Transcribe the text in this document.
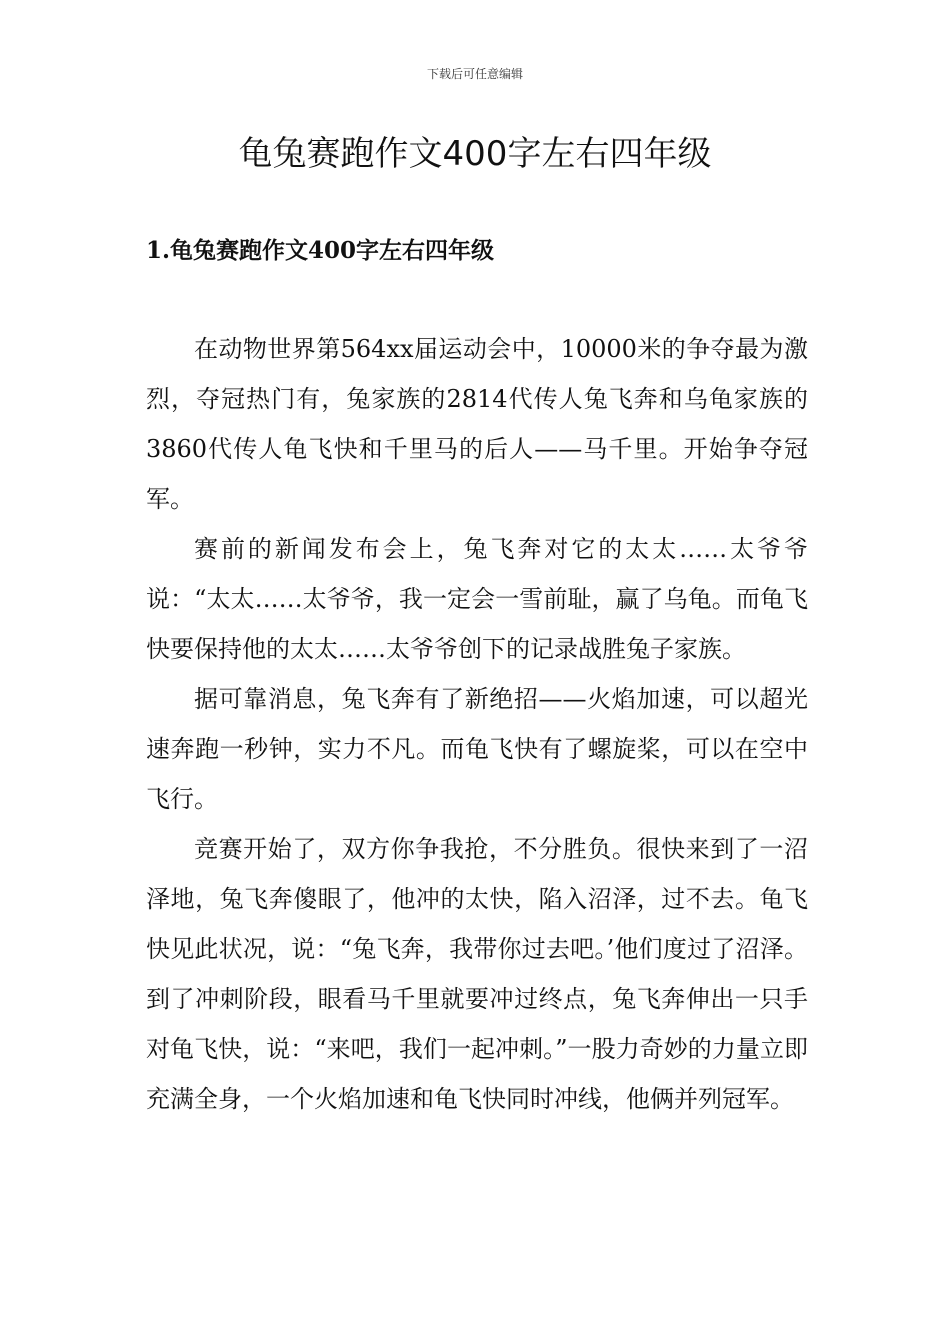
下载后可任意编辑
龟兔赛跑作文400字左右四年级
1.龟兔赛跑作文400字左右四年级

在动物世界第564xx届运动会中，10000米的争夺最为激烈，夺冠热门有，兔家族的2814代传人兔飞奔和乌龟家族的3860代传人龟飞快和千里马的后人——马千里。开始争夺冠军。

赛前的新闻发布会上，兔飞奔对它的太太……太爷爷说：“太太……太爷爷，我一定会一雪前耻，赢了乌龟。而龟飞快要保持他的太太……太爷爷创下的记录战胜兔子家族。

据可靠消息，兔飞奔有了新绝招——火焰加速，可以超光速奔跑一秒钟，实力不凡。而龟飞快有了螺旋桨，可以在空中飞行。

竞赛开始了，双方你争我抢，不分胜负。很快来到了一沼泽地，兔飞奔傻眼了，他冲的太快，陷入沼泽，过不去。龟飞快见此状况，说：“兔飞奔，我带你过去吧。’他们度过了沼泽。到了冲刺阶段，眼看马千里就要冲过终点，兔飞奔伸出一只手对龟飞快，说：“来吧，我们一起冲刺。”一股力奇妙的力量立即充满全身，一个火焰加速和龟飞快同时冲线，他俩并列冠军。
